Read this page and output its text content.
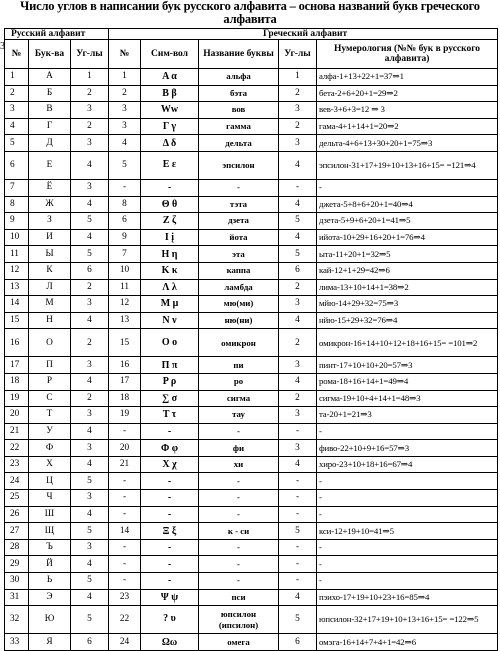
Число углов в написании бук русского алфавита – основа названий букв греческого алфавита
3
Русский алфавит			Греческий алфавит				
№	Бук-ва	Уг-лы	№	Сим-вол	Название буквы	Уг-лы	Нумерология (№№ бук в русского алфавита)
1	А	1	1	Α α	альфа	1	алфа-1+13+22+1=37⇒1
2	Б	2	2	Β β	бэта	2	бета-2+6+20+1=29⇒2
3	В	3	3	Ww	вов	3	вев-3+6+3=12 ⇒ 3
4	Г	2	3	Γ γ	гамма	2	гама-4+1+14+1=20⇒2
5	Д	3	4	Δ δ	дельта	3	дельта-4+6+13+30+20+1=75⇒3
6	Е	4	5	Ε ε	эпсилон	4	эпсилон-31+17+19+10+13+16+15= =121⇒4
7	Ё	3	-	-	-	-	-
8	Ж	4	8	Θ θ	тэта	4	джета-5+8+6+20+1=40⇒4
9	З	5	6	Ζ ζ	дзета	5	дзета-5+9+6+20+1=41⇒5
10	И	4	9	Ι į	йота	4	ийота-10+29+16+20+1=76⇒4
11	Ы	5	7	Η η	эта	5	ыта-11+20+1=32⇒5
12	К	6	10	Κ κ	каппа	6	кай-12+1+29=42⇒6
13	Л	2	11	Λ λ	ламбда	2	лима-13+10+14+1=38⇒2
14	М	3	12	Μ μ	мю(ми)	3	мйю-14+29+32=75⇒3
15	Н	4	13	Ν ν	ню(ни)	4	нйю-15+29+32=76⇒4
16	О	2	15	Ο ο	омикрон	2	омикрон-16+14+10+12+18+16+15= =101⇒2
17	П	3	16	Π π	пи	3	пинт-17+10+10+20=57⇒3
18	Р	4	17	Ρ ρ	ро	4	рома-18+16+14+1=49⇒4
19	С	2	18	∑ σ	сигма	2	сигма-19+10+4+14+1=48⇒3
20	Т	3	19	Τ τ	тау	3	та-20+1=21⇒3
21	У	4	-	-	-	-	-
22	Ф	3	20	Φ φ	фи	3	фиво-22+10+9+16=57⇒3
23	Х	4	21	Χ χ	хи	4	хиро-23+10+18+16=67⇒4
24	Ц	5	-	-	-	-	-
25	Ч	3	-	-	-	-	-
26	Ш	4	-	-	-	-	-
27	Щ	5	14	Ξ ξ	к - си	5	кси-12+19+10=41⇒5
28	Ъ	3	-	-	-	-	-
29	Й	4	-	-	-	-	-
30	Ь	5	-	-	-	-	-
31	Э	4	23	Ψ ψ	пси	4	пэихо-17+19+10+23+16=85⇒4
32	Ю	5	22	? υ	юпсилон (ипсилон)	5	юпсилон-32+17+19+10+13+16+15= =122⇒5
33	Я	6	24	Ωω	омега	6	омэга-16+14+7+4+1=42⇒6
